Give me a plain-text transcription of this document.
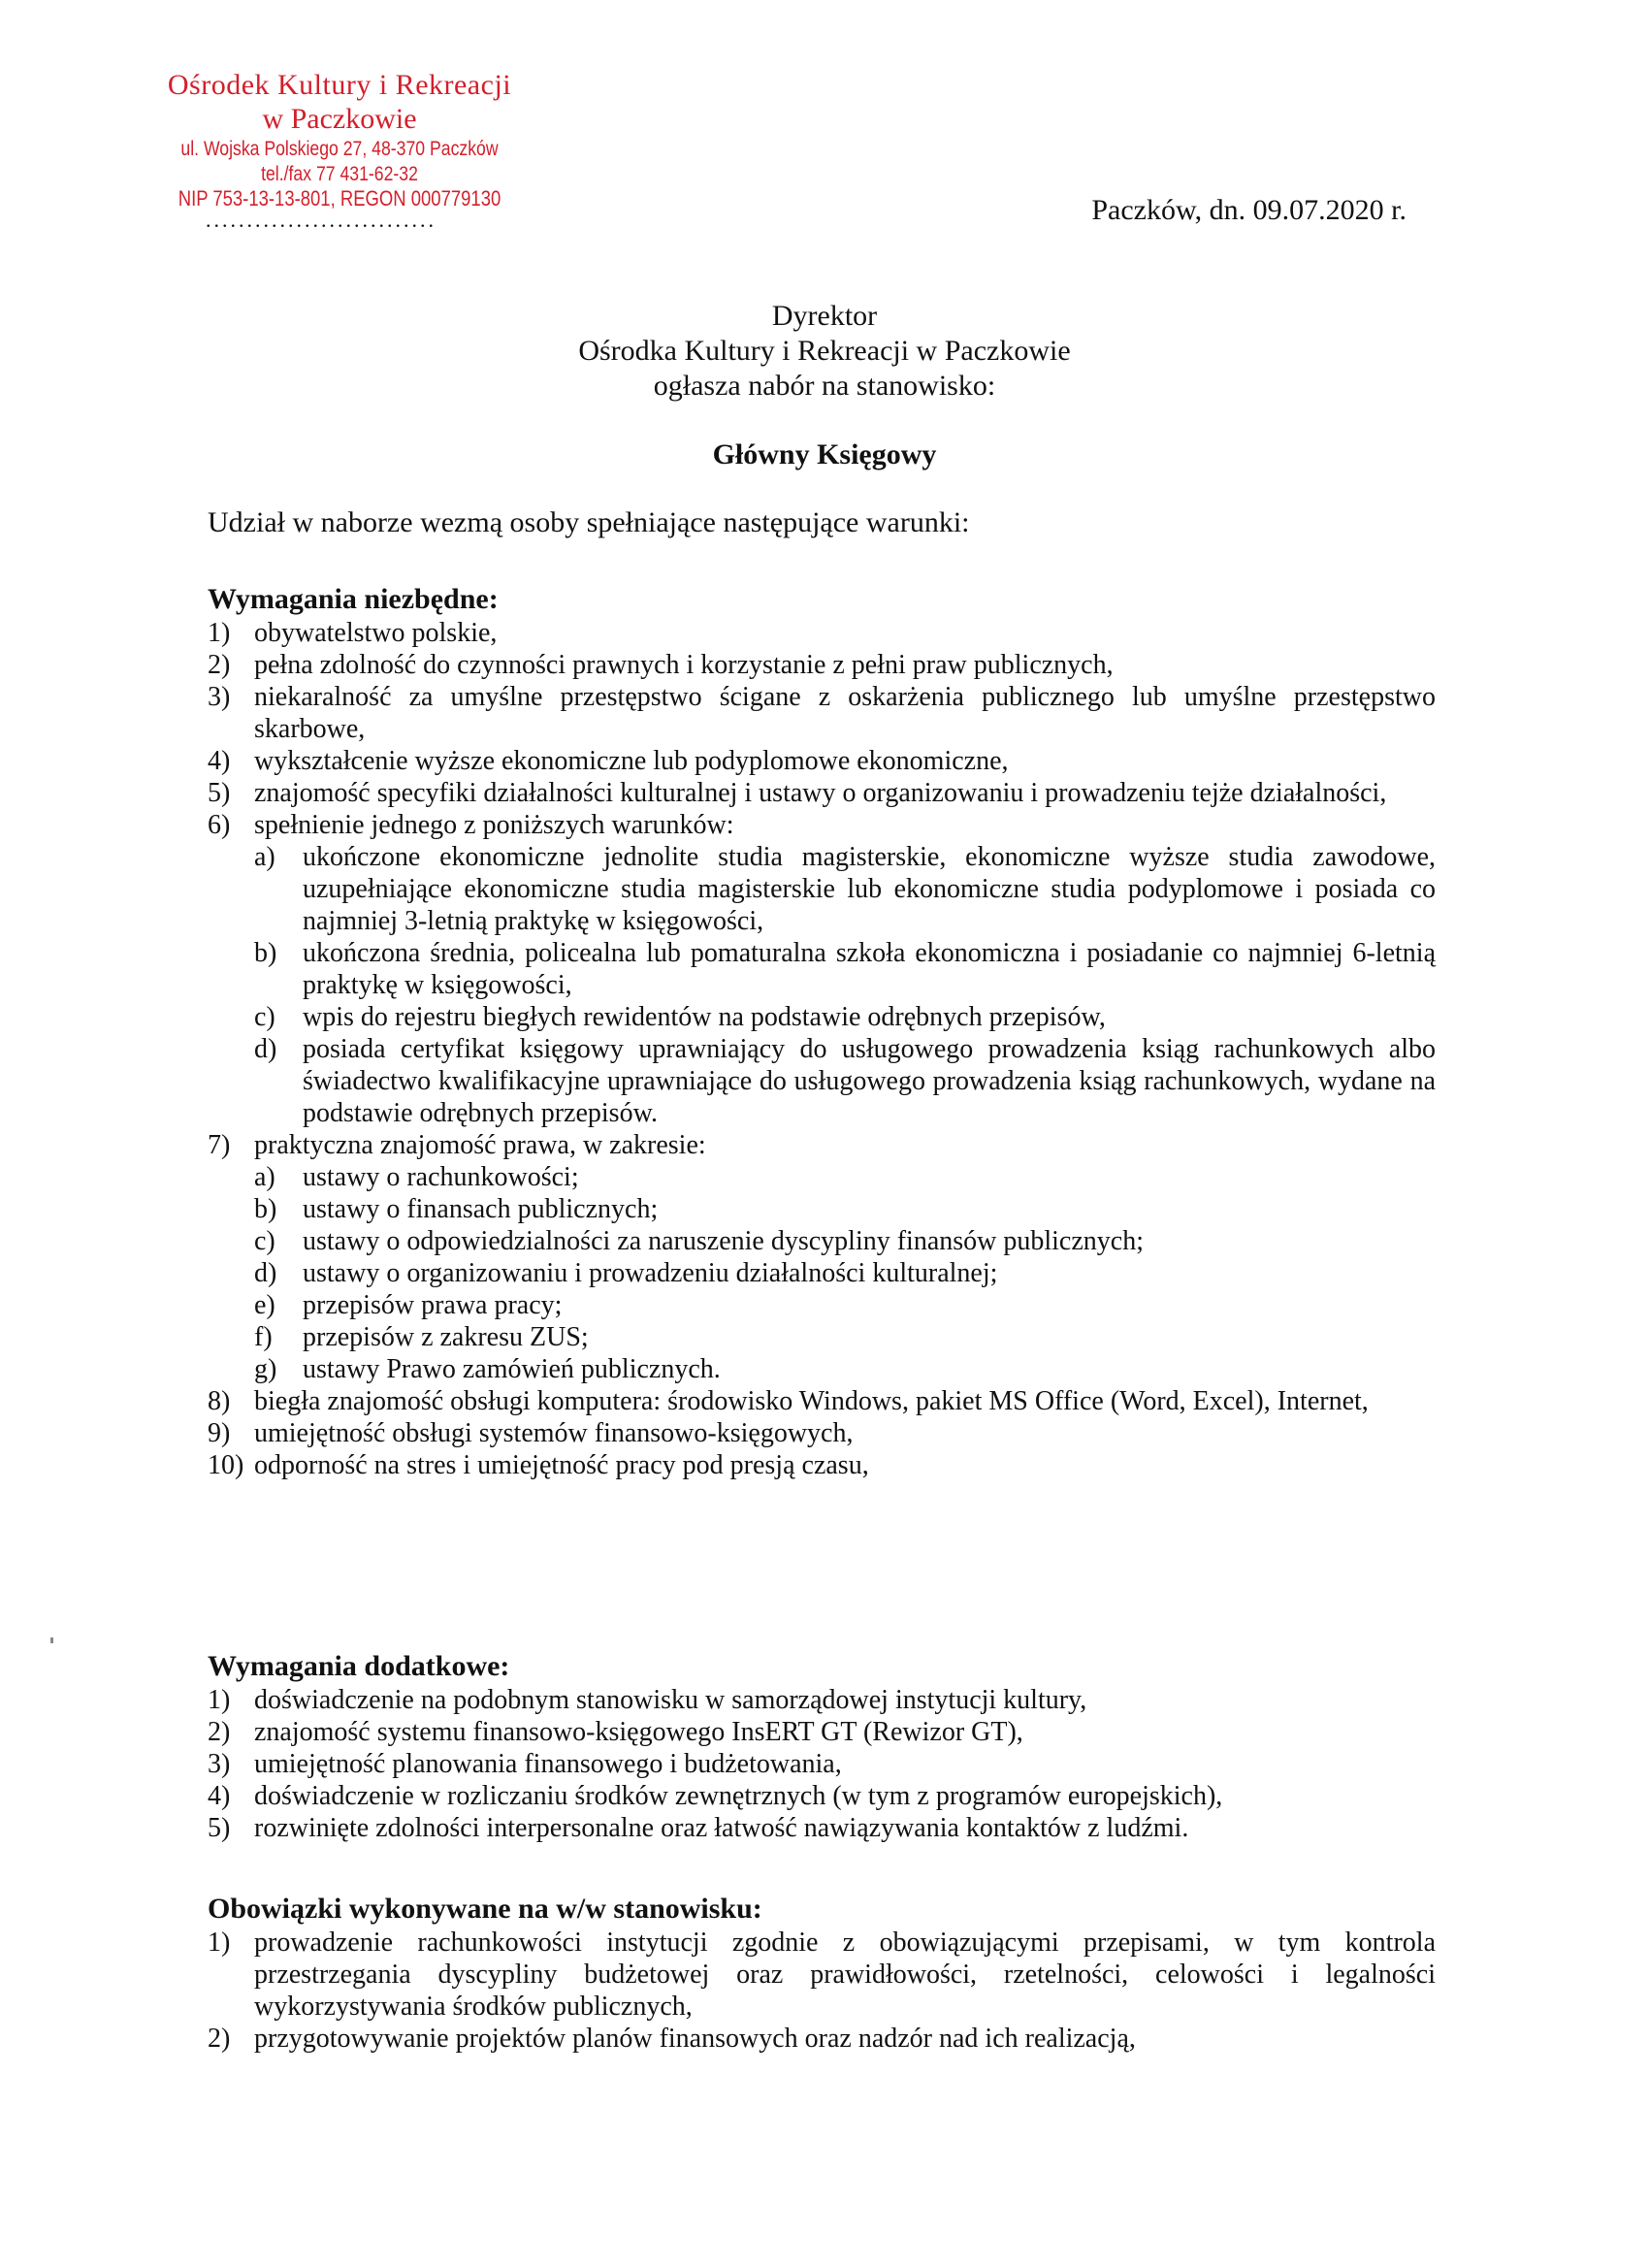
Ośrodek Kultury i Rekreacji
w Paczkowie
ul. Wojska Polskiego 27, 48-370 Paczków
tel./fax 77 431-62-32
NIP 753-13-13-801, REGON 000779130
............................	Paczków, dn. 09.07.2020 r.
Dyrektor
Ośrodka Kultury i Rekreacji w Paczkowie
ogłasza nabór na stanowisko:
Główny Księgowy
Udział w naborze wezmą osoby spełniające następujące warunki:
Wymagania niezbędne:
1) obywatelstwo polskie,
2) pełna zdolność do czynności prawnych i korzystanie z pełni praw publicznych,
3) niekaralność za umyślne przestępstwo ścigane z oskarżenia publicznego lub umyślne przestępstwo skarbowe,
4) wykształcenie wyższe ekonomiczne lub podyplomowe ekonomiczne,
5) znajomość specyfiki działalności kulturalnej i ustawy o organizowaniu i prowadzeniu tejże działalności,
6) spełnienie jednego z poniższych warunków:
a) ukończone ekonomiczne jednolite studia magisterskie, ekonomiczne wyższe studia zawodowe, uzupełniające ekonomiczne studia magisterskie lub ekonomiczne studia podyplomowe i posiada co najmniej 3-letnią praktykę w księgowości,
b) ukończona średnia, policealna lub pomaturalna szkoła ekonomiczna i posiadanie co najmniej 6-letnią praktykę w księgowości,
c) wpis do rejestru biegłych rewidentów na podstawie odrębnych przepisów,
d) posiada certyfikat księgowy uprawniający do usługowego prowadzenia ksiąg rachunkowych albo świadectwo kwalifikacyjne uprawniające do usługowego prowadzenia ksiąg rachunkowych, wydane na podstawie odrębnych przepisów.
7) praktyczna znajomość prawa, w zakresie:
a) ustawy o rachunkowości;
b) ustawy o finansach publicznych;
c) ustawy o odpowiedzialności za naruszenie dyscypliny finansów publicznych;
d) ustawy o organizowaniu i prowadzeniu działalności kulturalnej;
e) przepisów prawa pracy;
f) przepisów z zakresu ZUS;
g) ustawy Prawo zamówień publicznych.
8) biegła znajomość obsługi komputera: środowisko Windows, pakiet MS Office (Word, Excel), Internet,
9) umiejętność obsługi systemów finansowo-księgowych,
10) odporność na stres i umiejętność pracy pod presją czasu,
Wymagania dodatkowe:
1) doświadczenie na podobnym stanowisku w samorządowej instytucji kultury,
2) znajomość systemu finansowo-księgowego InsERT GT (Rewizor GT),
3) umiejętność planowania finansowego i budżetowania,
4) doświadczenie w rozliczaniu środków zewnętrznych (w tym z programów europejskich),
5) rozwinięte zdolności interpersonalne oraz łatwość nawiązywania kontaktów z ludźmi.
Obowiązki wykonywane na w/w stanowisku:
1) prowadzenie rachunkowości instytucji zgodnie z obowiązującymi przepisami, w tym kontrola przestrzegania dyscypliny budżetowej oraz prawidłowości, rzetelności, celowości i legalności wykorzystywania środków publicznych,
2) przygotowywanie projektów planów finansowych oraz nadzór nad ich realizacją,
